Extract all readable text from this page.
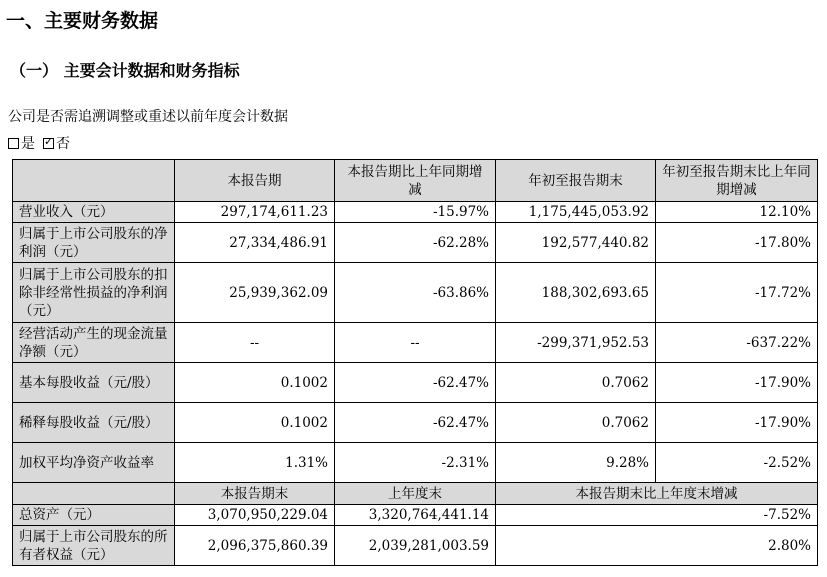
一、主要财务数据
（一） 主要会计数据和财务指标
公司是否需追溯调整或重述以前年度会计数据
是 ✓ 否
	本报告期	本报告期比上年同期增减	年初至报告期末	年初至报告期末比上年同期增减
营业收入（元）	297,174,611.23	-15.97%	1,175,445,053.92	12.10%
归属于上市公司股东的净利润（元）	27,334,486.91	-62.28%	192,577,440.82	-17.80%
归属于上市公司股东的扣除非经常性损益的净利润（元）	25,939,362.09	-63.86%	188,302,693.65	-17.72%
经营活动产生的现金流量净额（元）	--	--	-299,371,952.53	-637.22%
基本每股收益（元/股）	0.1002	-62.47%	0.7062	-17.90%
稀释每股收益（元/股）	0.1002	-62.47%	0.7062	-17.90%
加权平均净资产收益率	1.31%	-2.31%	9.28%	-2.52%
	本报告期末	上年度末	本报告期末比上年度末增减	
总资产（元）	3,070,950,229.04	3,320,764,441.14	-7.52%	
归属于上市公司股东的所有者权益（元）	2,096,375,860.39	2,039,281,003.59	2.80%	
